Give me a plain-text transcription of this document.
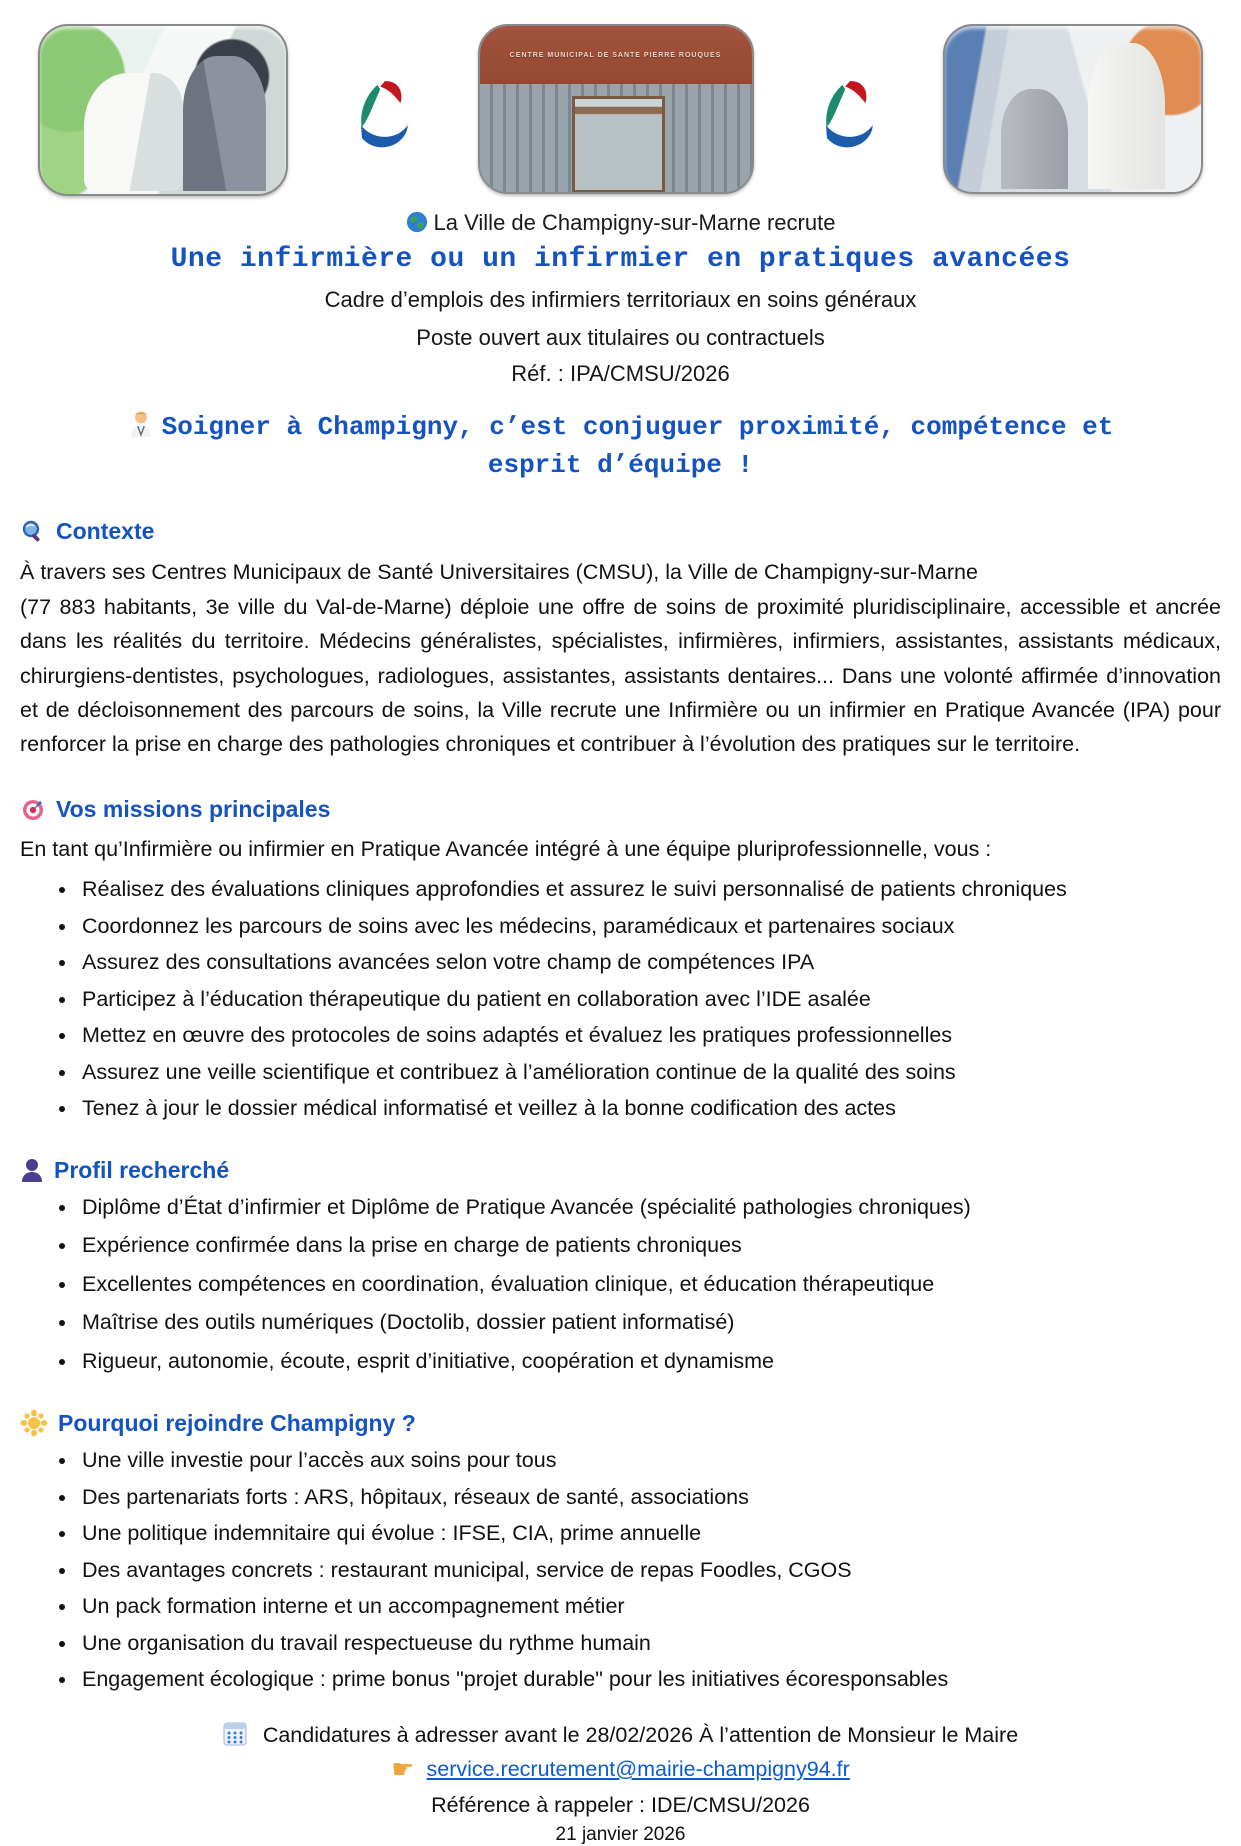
CENTRE MUNICIPAL DE SANTE PIERRE ROUQUES
La Ville de Champigny-sur-Marne recrute
Une infirmière ou un infirmier en pratiques avancées
Cadre d’emplois des infirmiers territoriaux en soins généraux
Poste ouvert aux titulaires ou contractuels
Réf. : IPA/CMSU/2026
Soigner à Champigny, c’est conjuguer proximité, compétence et esprit d’équipe !
Contexte

À travers ses Centres Municipaux de Santé Universitaires (CMSU), la Ville de Champigny-sur-Marne

(77 883 habitants, 3e ville du Val-de-Marne) déploie une offre de soins de proximité pluridisciplinaire, accessible et ancrée dans les réalités du territoire. Médecins généralistes, spécialistes, infirmières, infirmiers, assistantes, assistants médicaux, chirurgiens-dentistes, psychologues, radiologues, assistantes, assistants dentaires... Dans une volonté affirmée d’innovation et de décloisonnement des parcours de soins, la Ville recrute une Infirmière ou un infirmier en Pratique Avancée (IPA) pour renforcer la prise en charge des pathologies chroniques et contribuer à l’évolution des pratiques sur le territoire.

Vos missions principales

En tant qu’Infirmière ou infirmier en Pratique Avancée intégré à une équipe pluriprofessionnelle, vous :

• Réalisez des évaluations cliniques approfondies et assurez le suivi personnalisé de patients chroniques
• Coordonnez les parcours de soins avec les médecins, paramédicaux et partenaires sociaux
• Assurez des consultations avancées selon votre champ de compétences IPA
• Participez à l’éducation thérapeutique du patient en collaboration avec l’IDE asalée
• Mettez en œuvre des protocoles de soins adaptés et évaluez les pratiques professionnelles
• Assurez une veille scientifique et contribuez à l’amélioration continue de la qualité des soins
• Tenez à jour le dossier médical informatisé et veillez à la bonne codification des actes
Profil recherché
• Diplôme d’État d’infirmier et Diplôme de Pratique Avancée (spécialité pathologies chroniques)
• Expérience confirmée dans la prise en charge de patients chroniques
• Excellentes compétences en coordination, évaluation clinique, et éducation thérapeutique
• Maîtrise des outils numériques (Doctolib, dossier patient informatisé)
• Rigueur, autonomie, écoute, esprit d’initiative, coopération et dynamisme
Pourquoi rejoindre Champigny ?
• Une ville investie pour l’accès aux soins pour tous
• Des partenariats forts : ARS, hôpitaux, réseaux de santé, associations
• Une politique indemnitaire qui évolue : IFSE, CIA, prime annuelle
• Des avantages concrets : restaurant municipal, service de repas Foodles, CGOS
• Un pack formation interne et un accompagnement métier
• Une organisation du travail respectueuse du rythme humain
• Engagement écologique : prime bonus "projet durable" pour les initiatives écoresponsables
Candidatures à adresser avant le 28/02/2026 À l’attention de Monsieur le Maire
☛ service.recrutement@mairie-champigny94.fr
Référence à rappeler : IDE/CMSU/2026
21 janvier 2026
